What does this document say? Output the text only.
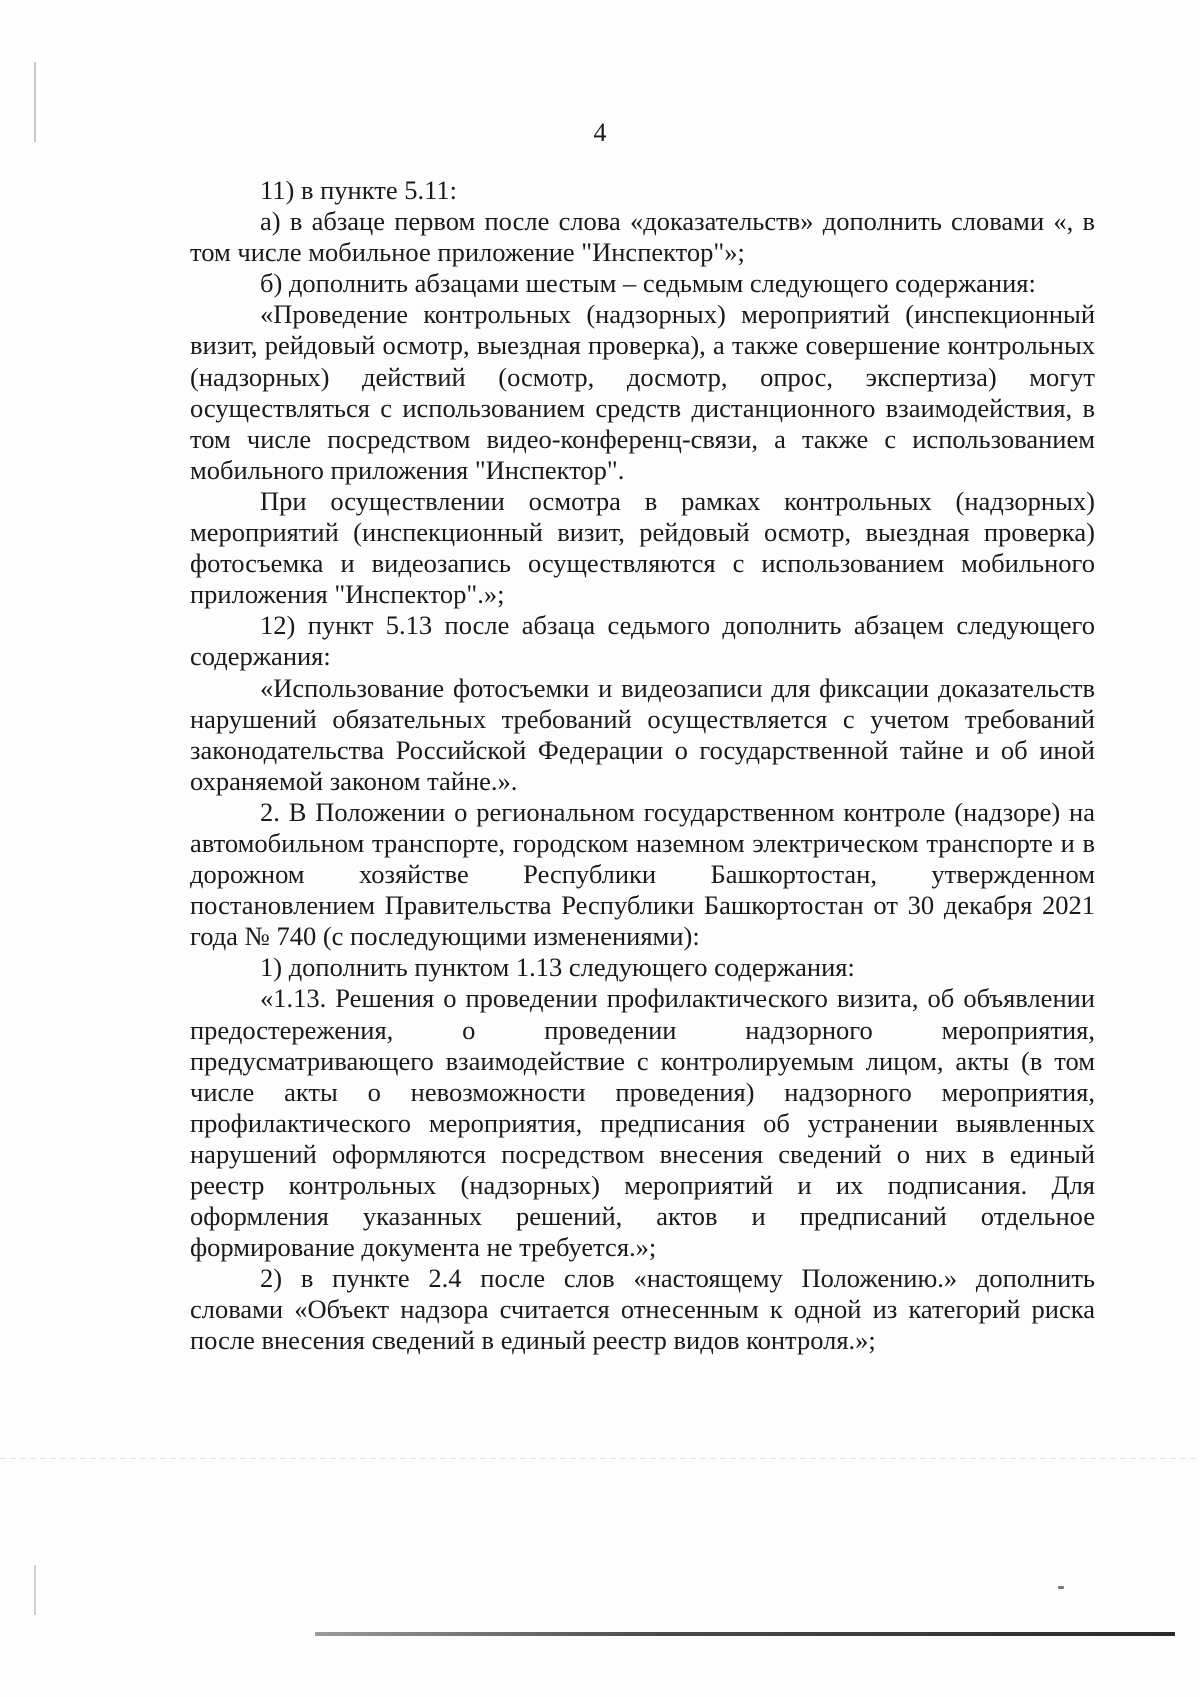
4

11) в пункте 5.11:

а) в абзаце первом после слова «доказательств» дополнить словами «, в том числе мобильное приложение "Инспектор"»;

б) дополнить абзацами шестым – седьмым следующего содержания:

«Проведение контрольных (надзорных) мероприятий (инспекционный визит, рейдовый осмотр, выездная проверка), а также совершение контрольных (надзорных) действий (осмотр, досмотр, опрос, экспертиза) могут осуществляться с использованием средств дистанционного взаимодействия, в том числе посредством видео-конференц-связи, а также с использованием мобильного приложения "Инспектор".

При осуществлении осмотра в рамках контрольных (надзорных) мероприятий (инспекционный визит, рейдовый осмотр, выездная проверка) фотосъемка и видеозапись осуществляются с использованием мобильного приложения "Инспектор".»;

12) пункт 5.13 после абзаца седьмого дополнить абзацем следующего содержания:

«Использование фотосъемки и видеозаписи для фиксации доказательств нарушений обязательных требований осуществляется с учетом требований законодательства Российской Федерации о государственной тайне и об иной охраняемой законом тайне.».

2. В Положении о региональном государственном контроле (надзоре) на автомобильном транспорте, городском наземном электрическом транспорте и в дорожном хозяйстве Республики Башкортостан, утвержденном постановлением Правительства Республики Башкортостан от 30 декабря 2021 года № 740 (с последующими изменениями):

1) дополнить пунктом 1.13 следующего содержания:

«1.13. Решения о проведении профилактического визита, об объявлении предостережения, о проведении надзорного мероприятия, предусматривающего взаимодействие с контролируемым лицом, акты (в том числе акты о невозможности проведения) надзорного мероприятия, профилактического мероприятия, предписания об устранении выявленных нарушений оформляются посредством внесения сведений о них в единый реестр контрольных (надзорных) мероприятий и их подписания. Для оформления указанных решений, актов и предписаний отдельное формирование документа не требуется.»;

2) в пункте 2.4 после слов «настоящему Положению.» дополнить словами «Объект надзора считается отнесенным к одной из категорий риска после внесения сведений в единый реестр видов контроля.»;
